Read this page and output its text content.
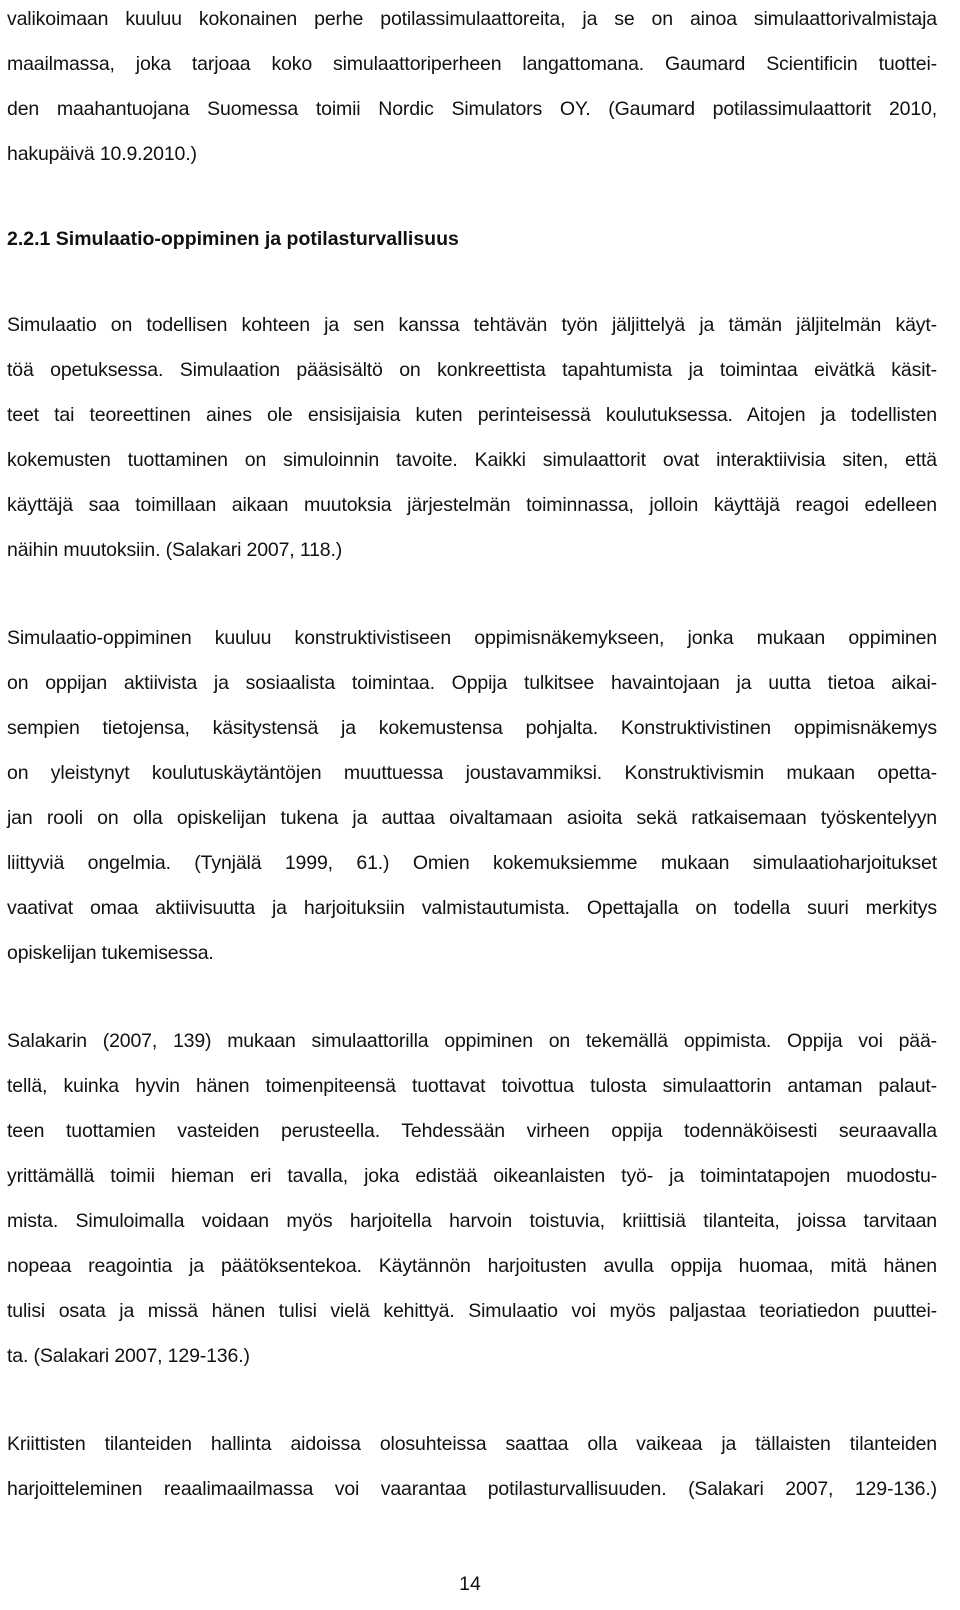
valikoimaan kuuluu kokonainen perhe potilassimulaattoreita, ja se on ainoa simulaattorivalmistaja
maailmassa, joka tarjoaa koko simulaattoriperheen langattomana. Gaumard Scientificin tuottei-
den maahantuojana Suomessa toimii Nordic Simulators OY. (Gaumard potilassimulaattorit 2010,
hakupäivä 10.9.2010.)
2.2.1 Simulaatio-oppiminen ja potilasturvallisuus
Simulaatio on todellisen kohteen ja sen kanssa tehtävän työn jäljittelyä ja tämän jäljitelmän käyt-
töä opetuksessa. Simulaation pääsisältö on konkreettista tapahtumista ja toimintaa eivätkä käsit-
teet tai teoreettinen aines ole ensisijaisia kuten perinteisessä koulutuksessa. Aitojen ja todellisten
kokemusten tuottaminen on simuloinnin tavoite. Kaikki simulaattorit ovat interaktiivisia siten, että
käyttäjä saa toimillaan aikaan muutoksia järjestelmän toiminnassa, jolloin käyttäjä reagoi edelleen
näihin muutoksiin. (Salakari 2007, 118.)
Simulaatio-oppiminen kuuluu konstruktivistiseen oppimisnäkemykseen, jonka mukaan oppiminen
on oppijan aktiivista ja sosiaalista toimintaa. Oppija tulkitsee havaintojaan ja uutta tietoa aikai-
sempien tietojensa, käsitystensä ja kokemustensa pohjalta. Konstruktivistinen oppimisnäkemys
on yleistynyt koulutuskäytäntöjen muuttuessa joustavammiksi. Konstruktivismin mukaan opetta-
jan rooli on olla opiskelijan tukena ja auttaa oivaltamaan asioita sekä ratkaisemaan työskentelyyn
liittyviä ongelmia. (Tynjälä 1999, 61.) Omien kokemuksiemme mukaan simulaatioharjoitukset
vaativat omaa aktiivisuutta ja harjoituksiin valmistautumista. Opettajalla on todella suuri merkitys
opiskelijan tukemisessa.
Salakarin (2007, 139) mukaan simulaattorilla oppiminen on tekemällä oppimista. Oppija voi pää-
tellä, kuinka hyvin hänen toimenpiteensä tuottavat toivottua tulosta simulaattorin antaman palaut-
teen tuottamien vasteiden perusteella. Tehdessään virheen oppija todennäköisesti seuraavalla
yrittämällä toimii hieman eri tavalla, joka edistää oikeanlaisten työ- ja toimintatapojen muodostu-
mista. Simuloimalla voidaan myös harjoitella harvoin toistuvia, kriittisiä tilanteita, joissa tarvitaan
nopeaa reagointia ja päätöksentekoa. Käytännön harjoitusten avulla oppija huomaa, mitä hänen
tulisi osata ja missä hänen tulisi vielä kehittyä. Simulaatio voi myös paljastaa teoriatiedon puuttei-
ta. (Salakari 2007, 129-136.)
Kriittisten tilanteiden hallinta aidoissa olosuhteissa saattaa olla vaikeaa ja tällaisten tilanteiden
harjoitteleminen reaalimaailmassa voi vaarantaa potilasturvallisuuden. (Salakari 2007, 129-136.)
14
